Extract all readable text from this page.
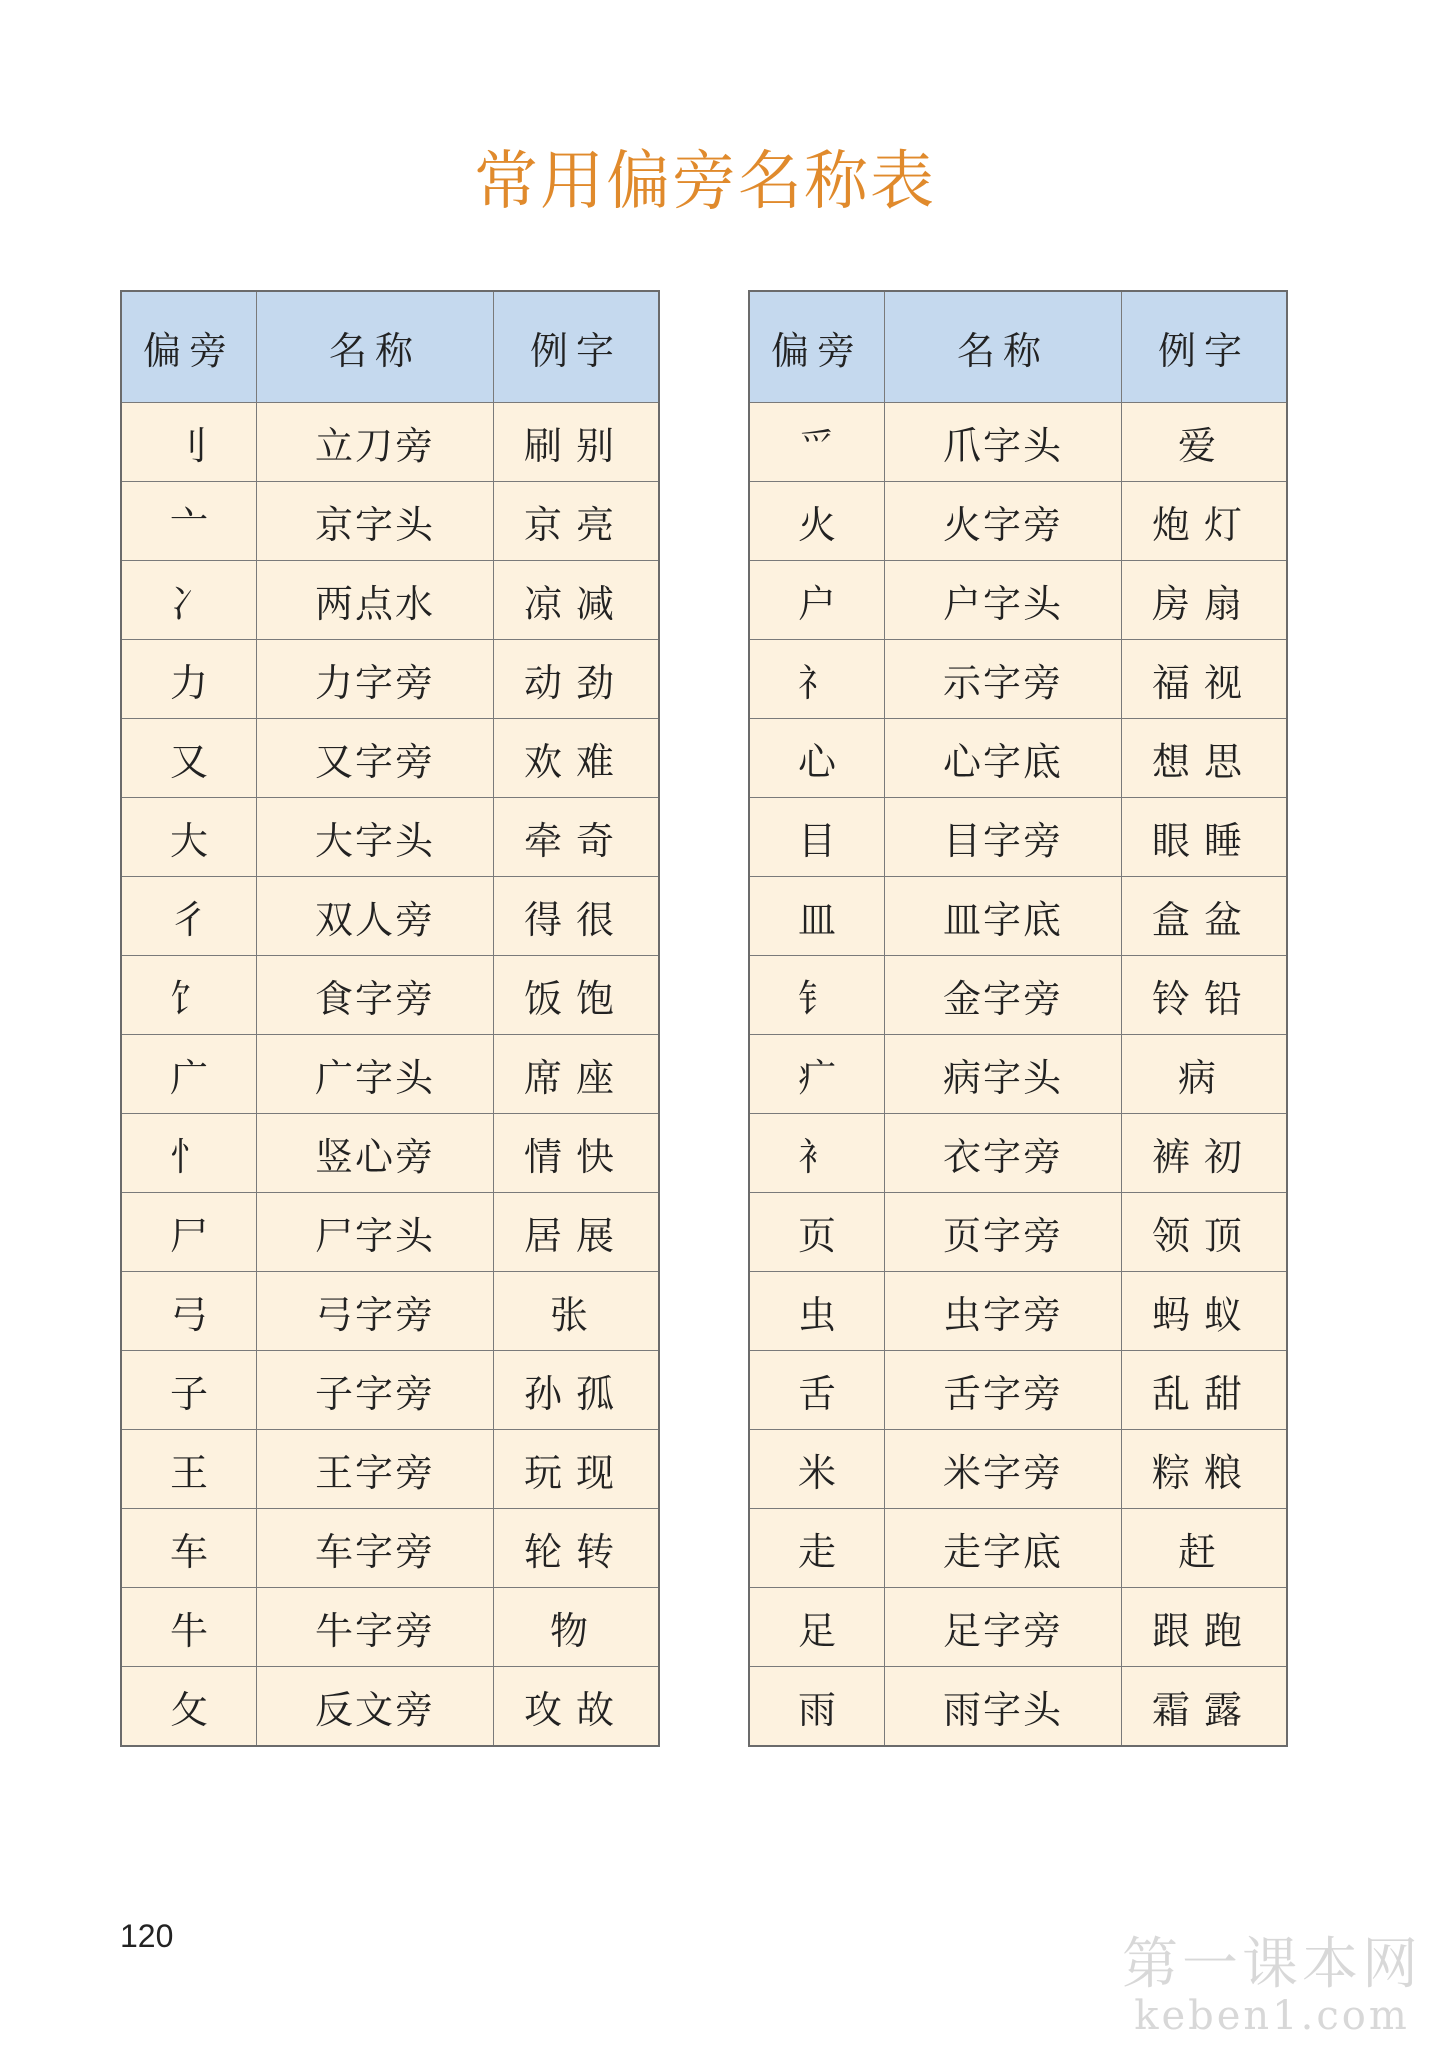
常用偏旁名称表
偏旁	名称	例字
刂	立刀旁	刷别
亠	京字头	京亮
冫	两点水	凉减
力	力字旁	动劲
又	又字旁	欢难
大	大字头	牵奇
彳	双人旁	得很
饣	食字旁	饭饱
广	广字头	席座
忄	竖心旁	情快
尸	尸字头	居展
弓	弓字旁	张
子	子字旁	孙孤
王	王字旁	玩现
车	车字旁	轮转
牛	牛字旁	物
攵	反文旁	攻故
偏旁	名称	例字
爫	爪字头	爱
火	火字旁	炮灯
户	户字头	房扇
礻	示字旁	福视
心	心字底	想思
目	目字旁	眼睡
皿	皿字底	盒盆
钅	金字旁	铃铅
疒	病字头	病
衤	衣字旁	裤初
页	页字旁	领顶
虫	虫字旁	蚂蚁
舌	舌字旁	乱甜
米	米字旁	粽粮
走	走字底	赶
足	足字旁	跟跑
雨	雨字头	霜露
120	第一课本网
keben1.com
